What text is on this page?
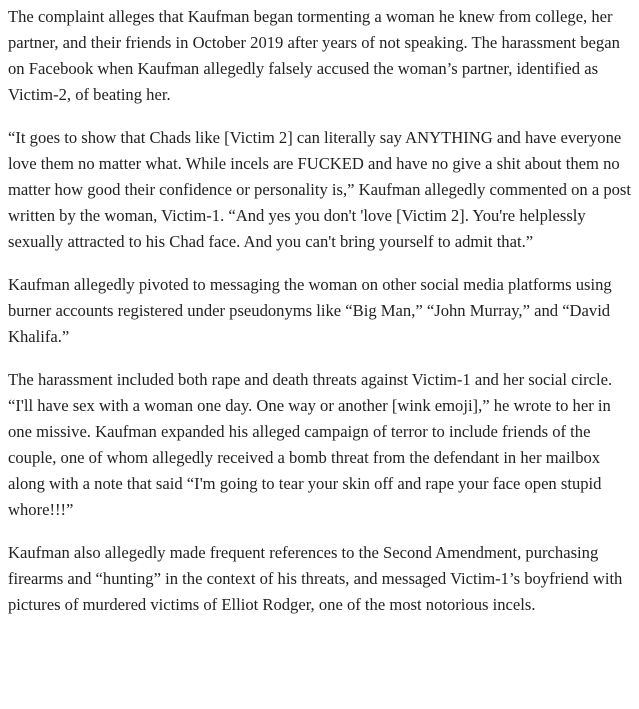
The complaint alleges that Kaufman began tormenting a woman he knew from college, her partner, and their friends in October 2019 after years of not speaking. The harassment began on Facebook when Kaufman allegedly falsely accused the woman’s partner, identified as Victim-2, of beating her.

“It goes to show that Chads like [Victim 2] can literally say ANYTHING and have everyone love them no matter what. While incels are FUCKED and have no give a shit about them no matter how good their confidence or personality is,” Kaufman allegedly commented on a post written by the woman, Victim-1. “And yes you don't 'love [Victim 2]. You're helplessly sexually attracted to his Chad face. And you can't bring yourself to admit that.”

Kaufman allegedly pivoted to messaging the woman on other social media platforms using burner accounts registered under pseudonyms like “Big Man,” “John Murray,” and “David Khalifa.”

The harassment included both rape and death threats against Victim-1 and her social circle. “I'll have sex with a woman one day. One way or another [wink emoji],” he wrote to her in one missive. Kaufman expanded his alleged campaign of terror to include friends of the couple, one of whom allegedly received a bomb threat from the defendant in her mailbox along with a note that said “I'm going to tear your skin off and rape your face open stupid whore!!!”

Kaufman also allegedly made frequent references to the Second Amendment, purchasing firearms and “hunting” in the context of his threats, and messaged Victim-1’s boyfriend with pictures of murdered victims of Elliot Rodger, one of the most notorious incels.
